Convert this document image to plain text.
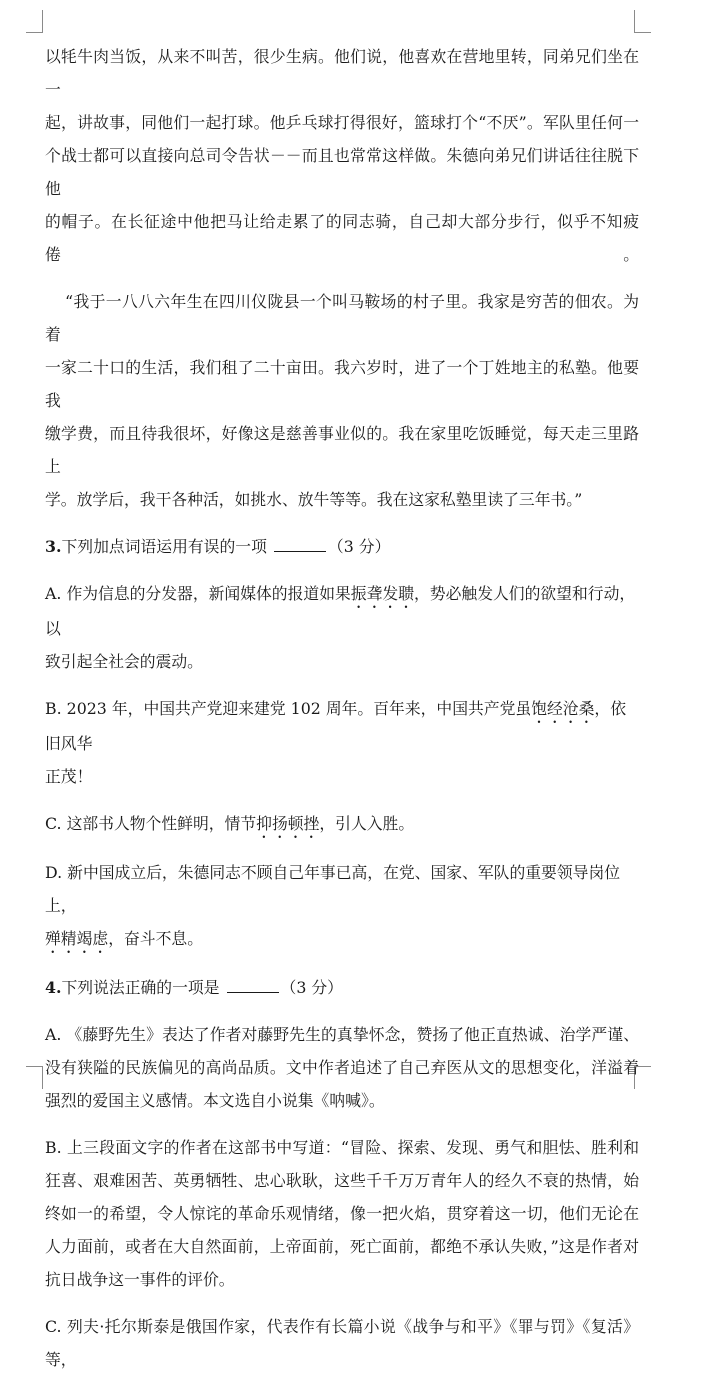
以牦牛肉当饭，从来不叫苦，很少生病。他们说，他喜欢在营地里转，同弟兄们坐在一

起，讲故事，同他们一起打球。他乒乓球打得很好，篮球打个“不厌”。军队里任何一

个战士都可以直接向总司令告状－－而且也常常这样做。朱德向弟兄们讲话往往脱下他

的帽子。在长征途中他把马让给走累了的同志骑，自己却大部分步行，似乎不知疲倦。

“我于一八八六年生在四川仪陇县一个叫马鞍场的村子里。我家是穷苦的佃农。为着

一家二十口的生活，我们租了二十亩田。我六岁时，进了一个丁姓地主的私塾。他要我

缴学费，而且待我很坏，好像这是慈善事业似的。我在家里吃饭睡觉，每天走三里路上

学。放学后，我干各种活，如挑水、放牛等等。我在这家私塾里读了三年书。”

3.下列加点词语运用有误的一项	（3 分）

A. 作为信息的分发器，新闻媒体的报道如果振聋发聩，势必触发人们的欲望和行动，以
致引起全社会的震动。

B. 2023 年，中国共产党迎来建党 102 周年。百年来，中国共产党虽饱经沧桑，依旧风华
正茂！

C. 这部书人物个性鲜明，情节抑扬顿挫，引人入胜。

D. 新中国成立后，朱德同志不顾自己年事已高，在党、国家、军队的重要领导岗位上，
殚精竭虑，奋斗不息。

4.下列说法正确的一项是	（3 分）

A. 《藤野先生》表达了作者对藤野先生的真挚怀念，赞扬了他正直热诚、治学严谨、没有狭隘的民族偏见的高尚品质。文中作者追述了自己弃医从文的思想变化，洋溢着强烈的爱国主义感情。本文选自小说集《呐喊》。

B. 上三段面文字的作者在这部书中写道：“冒险、探索、发现、勇气和胆怯、胜利和狂喜、艰难困苦、英勇牺牲、忠心耿耿，这些千千万万青年人的经久不衰的热情，始终如一的希望，令人惊诧的革命乐观情绪，像一把火焰，贯穿着这一切，他们无论在人力面前，或者在大自然面前，上帝面前，死亡面前，都绝不承认失败，”这是作者对抗日战争这一事件的评价。

C. 列夫·托尔斯泰是俄国作家，代表作有长篇小说《战争与和平》《罪与罚》《复活》等，
